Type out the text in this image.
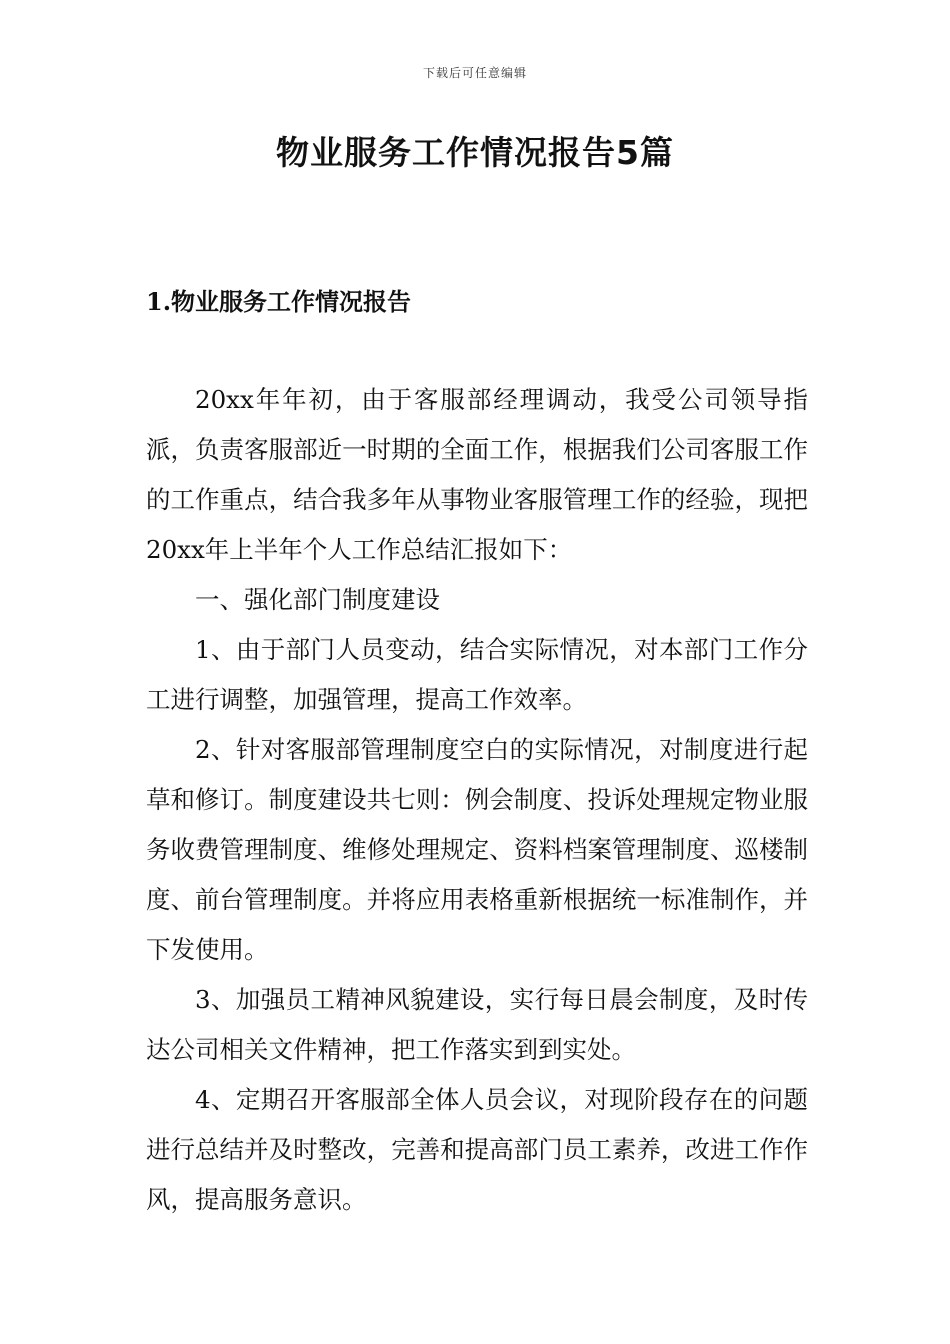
下载后可任意编辑
物业服务工作情况报告5篇
1.物业服务工作情况报告

20xx年年初，由于客服部经理调动，我受公司领导指派，负责客服部近一时期的全面工作，根据我们公司客服工作的工作重点，结合我多年从事物业客服管理工作的经验，现把20xx年上半年个人工作总结汇报如下：

一、强化部门制度建设

1、由于部门人员变动，结合实际情况，对本部门工作分工进行调整，加强管理，提高工作效率。

2、针对客服部管理制度空白的实际情况，对制度进行起草和修订。制度建设共七则：例会制度、投诉处理规定物业服务收费管理制度、维修处理规定、资料档案管理制度、巡楼制度、前台管理制度。并将应用表格重新根据统一标准制作，并下发使用。

3、加强员工精神风貌建设，实行每日晨会制度，及时传达公司相关文件精神，把工作落实到到实处。

4、定期召开客服部全体人员会议，对现阶段存在的问题进行总结并及时整改，完善和提高部门员工素养，改进工作作风，提高服务意识。
